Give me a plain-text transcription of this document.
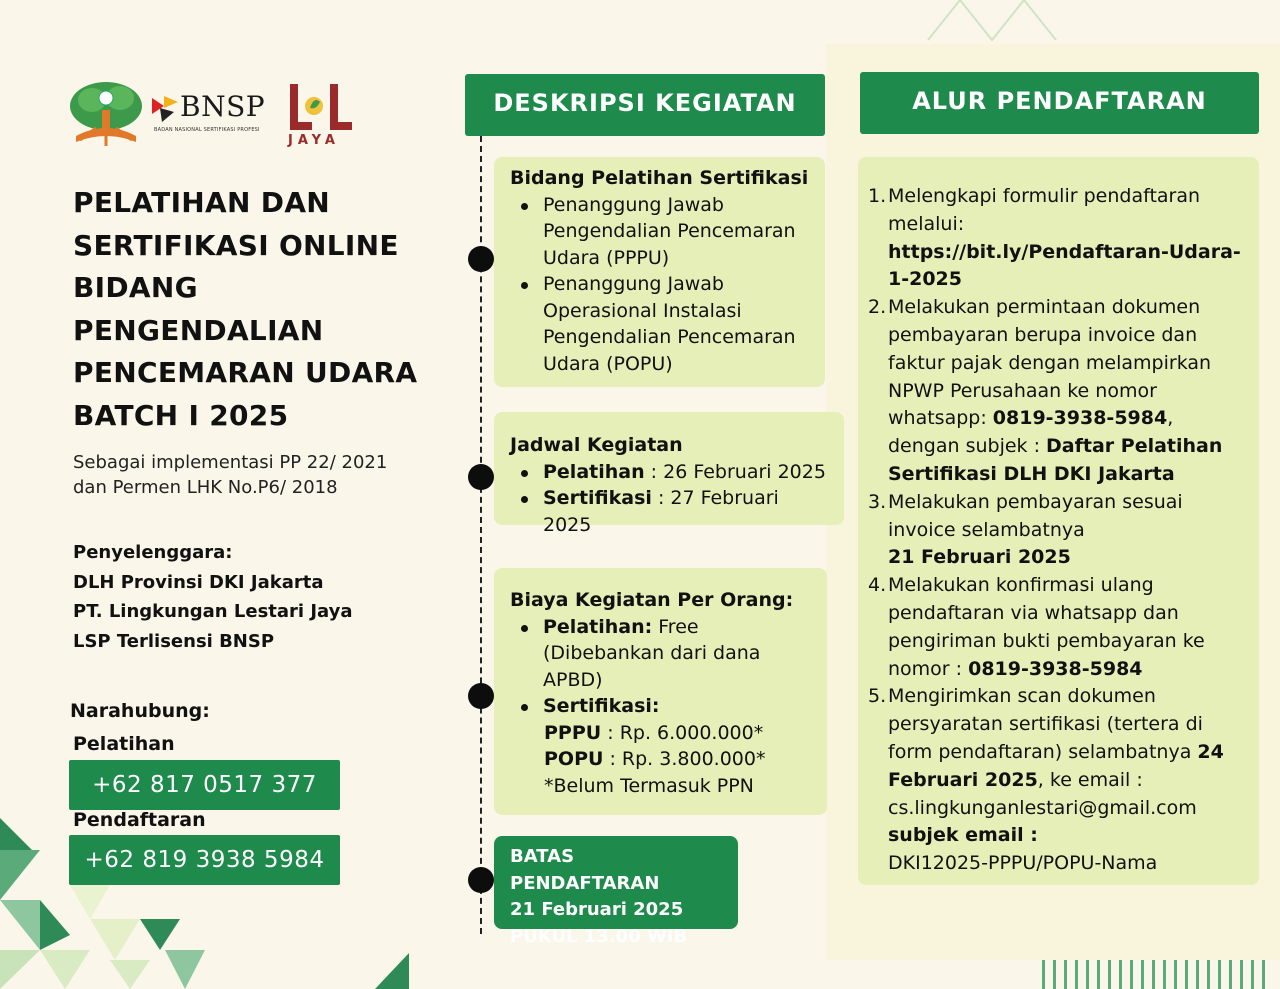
BNSP
BADAN NASIONAL SERTIFIKASI PROFESI
JAYA
PELATIHAN DAN
SERTIFIKASI ONLINE
BIDANG
PENGENDALIAN
PENCEMARAN UDARA
BATCH I 2025
Sebagai implementasi PP 22/ 2021
dan Permen LHK No.P6/ 2018
Penyelenggara:
DLH Provinsi DKI Jakarta
PT. Lingkungan Lestari Jaya
LSP Terlisensi BNSP
Narahubung:
Pelatihan
+62 817 0517 377
Pendaftaran
+62 819 3938 5984
DESKRIPSI KEGIATAN
Bidang Pelatihan Sertifikasi
Penanggung Jawab Pengendalian Pencemaran Udara (PPPU)
Penanggung Jawab Operasional Instalasi Pengendalian Pencemaran Udara (POPU)
Jadwal Kegiatan
Pelatihan : 26 Februari 2025
Sertifikasi : 27 Februari 2025
Biaya Kegiatan Per Orang:
Pelatihan: Free (Dibebankan dari dana APBD)
Sertifikasi:
PPPU : Rp. 6.000.000*
POPU : Rp. 3.800.000*
*Belum Termasuk PPN
BATAS PENDAFTARAN
21 Februari 2025
PUKUL 13.00 WIB
ALUR PENDAFTARAN
1. Melengkapi formulir pendaftaran melalui: https://bit.ly/Pendaftaran-Udara-1-2025
2. Melakukan permintaan dokumen pembayaran berupa invoice dan faktur pajak dengan melampirkan NPWP Perusahaan ke nomor whatsapp: 0819-3938-5984, dengan subjek : Daftar Pelatihan Sertifikasi DLH DKI Jakarta
3. Melakukan pembayaran sesuai invoice selambatnya
21 Februari 2025
4. Melakukan konfirmasi ulang pendaftaran via whatsapp dan pengiriman bukti pembayaran ke nomor : 0819-3938-5984
5. Mengirimkan scan dokumen persyaratan sertifikasi (tertera di form pendaftaran) selambatnya 24 Februari 2025, ke email : cs.lingkunganlestari@gmail.com
subjek email :
DKI12025-PPPU/POPU-Nama
